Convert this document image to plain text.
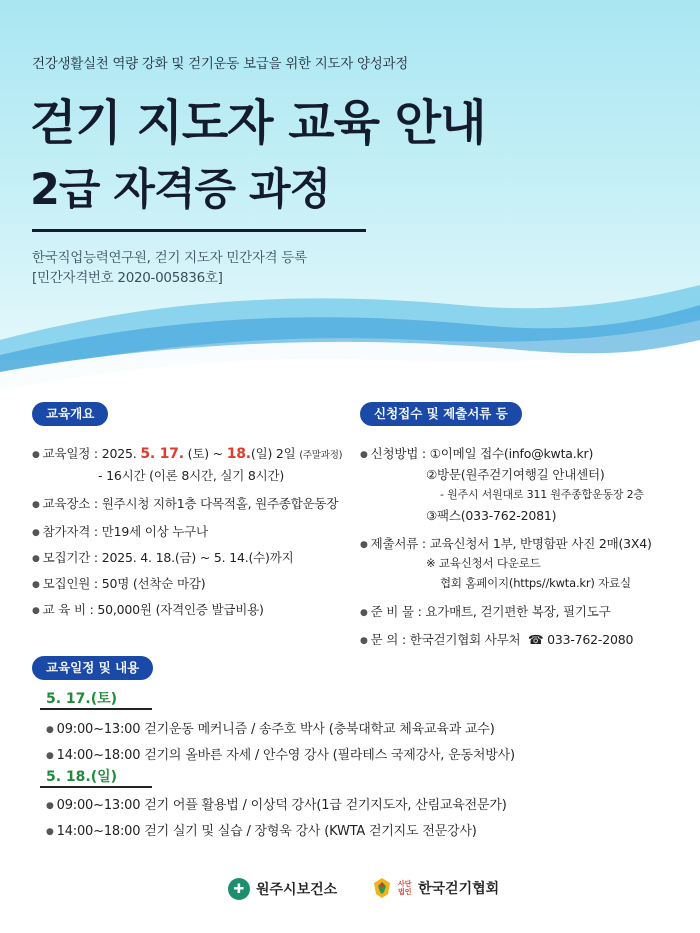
건강생활실천 역량 강화 및 걷기운동 보급을 위한 지도자 양성과정
걷기 지도자 교육 안내
2급 자격증 과정
한국직업능력연구원, 걷기 지도자 민간자격 등록
[민간자격번호 2020-005836호]
교육개요
● 교육일정 : 2025. 5. 17. (토) ~ 18.(일) 2일 (주말과정)
- 16시간 (이론 8시간, 실기 8시간)
● 교육장소 : 원주시청 지하1층 다목적홀, 원주종합운동장
● 참가자격 : 만19세 이상 누구나
● 모집기간 : 2025. 4. 18.(금) ~ 5. 14.(수)까지
● 모집인원 : 50명 (선착순 마감)
● 교 육 비 : 50,000원 (자격인증 발급비용)
신청접수 및 제출서류 등
● 신청방법 : ①이메일 접수(info@kwta.kr)
②방문(원주걷기여행길 안내센터)
- 원주시 서원대로 311 원주종합운동장 2층
③팩스(033-762-2081)
● 제출서류 : 교육신청서 1부, 반명함판 사진 2매(3X4)
※ 교육신청서 다운로드
협회 홈페이지(https//kwta.kr) 자료실
● 준 비 물 : 요가매트, 걷기편한 복장, 필기도구
● 문 의 : 한국걷기협회 사무처 ☎ 033-762-2080
교육일정 및 내용
5. 17.(토)
● 09:00~13:00 걷기운동 메커니즘 / 송주호 박사 (충북대학교 체육교육과 교수)
● 14:00~18:00 걷기의 올바른 자세 / 안수영 강사 (필라테스 국제강사, 운동처방사)
5. 18.(일)
● 09:00~13:00 걷기 어플 활용법 / 이상덕 강사(1급 걷기지도자, 산림교육전문가)
● 14:00~18:00 걷기 실기 및 실습 / 장형욱 강사 (KWTA 걷기지도 전문강사)
✚ 원주시보건소	사단법인 한국걷기협회
